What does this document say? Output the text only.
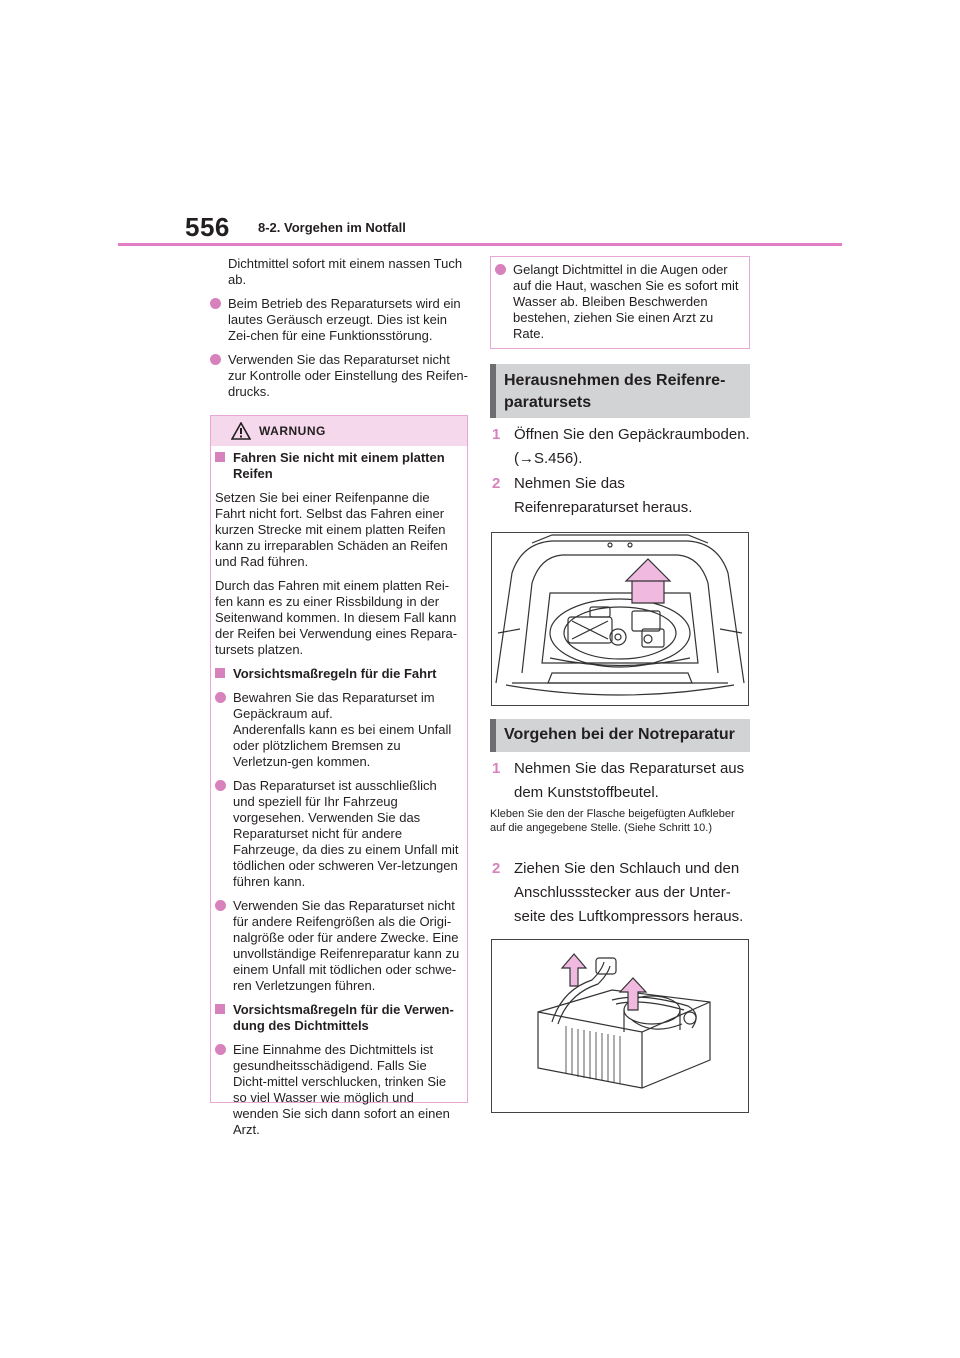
556 8-2. Vorgehen im Notfall
Dichtmittel sofort mit einem nassen Tuch ab.
Beim Betrieb des Reparatursets wird ein lautes Geräusch erzeugt. Dies ist kein Zei-chen für eine Funktionsstörung.
Verwenden Sie das Reparaturset nicht zur Kontrolle oder Einstellung des Reifen-drucks.
WARNUNG
Fahren Sie nicht mit einem platten Reifen
Setzen Sie bei einer Reifenpanne die Fahrt nicht fort. Selbst das Fahren einer kurzen Strecke mit einem platten Reifen kann zu irreparablen Schäden an Reifen und Rad führen.
Durch das Fahren mit einem platten Rei-fen kann es zu einer Rissbildung in der Seitenwand kommen. In diesem Fall kann der Reifen bei Verwendung eines Repara-tursets platzen.
Vorsichtsmaßregeln für die Fahrt
Bewahren Sie das Reparaturset im Gepäckraum auf.
Anderenfalls kann es bei einem Unfall oder plötzlichem Bremsen zu Verletzun-gen kommen.
Das Reparaturset ist ausschließlich und speziell für Ihr Fahrzeug vorgesehen. Verwenden Sie das Reparaturset nicht für andere Fahrzeuge, da dies zu einem Unfall mit tödlichen oder schweren Ver-letzungen führen kann.
Verwenden Sie das Reparaturset nicht für andere Reifengrößen als die Origi-nalgröße oder für andere Zwecke. Eine unvollständige Reifenreparatur kann zu einem Unfall mit tödlichen oder schwe-ren Verletzungen führen.
Vorsichtsmaßregeln für die Verwen-dung des Dichtmittels
Eine Einnahme des Dichtmittels ist gesundheitsschädigend. Falls Sie Dicht-mittel verschlucken, trinken Sie so viel Wasser wie möglich und wenden Sie sich dann sofort an einen Arzt.
Gelangt Dichtmittel in die Augen oder auf die Haut, waschen Sie es sofort mit Wasser ab. Bleiben Beschwerden bestehen, ziehen Sie einen Arzt zu Rate.
Herausnehmen des Reifenre-paratursets
1 Öffnen Sie den Gepäckraumboden. (→S.456).
2 Nehmen Sie das Reifenreparaturset heraus.
Vorgehen bei der Notreparatur
1 Nehmen Sie das Reparaturset aus dem Kunststoffbeutel.
Kleben Sie den der Flasche beigefügten Aufkleber auf die angegebene Stelle. (Siehe Schritt 10.)
2 Ziehen Sie den Schlauch und den Anschlussstecker aus der Unter-seite des Luftkompressors heraus.
